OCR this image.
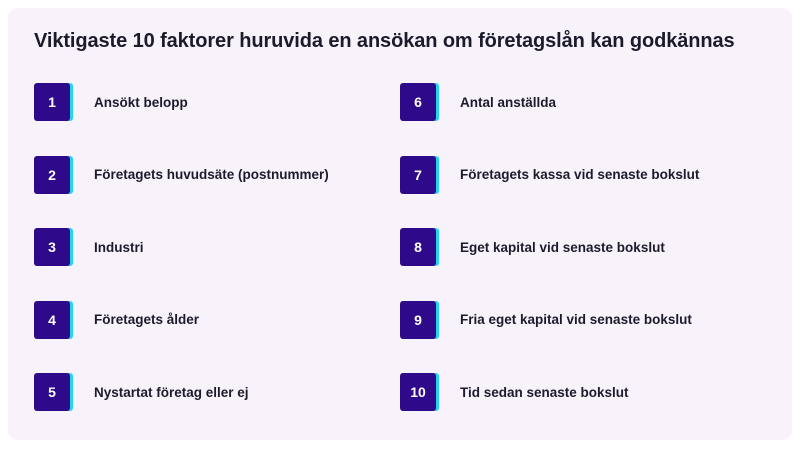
Viktigaste 10 faktorer huruvida en ansökan om företagslån kan godkännas
1	Ansökt belopp
2	Företagets huvudsäte (postnummer)
3	Industri
4	Företagets ålder
5	Nystartat företag eller ej
6	Antal anställda
7	Företagets kassa vid senaste bokslut
8	Eget kapital vid senaste bokslut
9	Fria eget kapital vid senaste bokslut
10	Tid sedan senaste bokslut
